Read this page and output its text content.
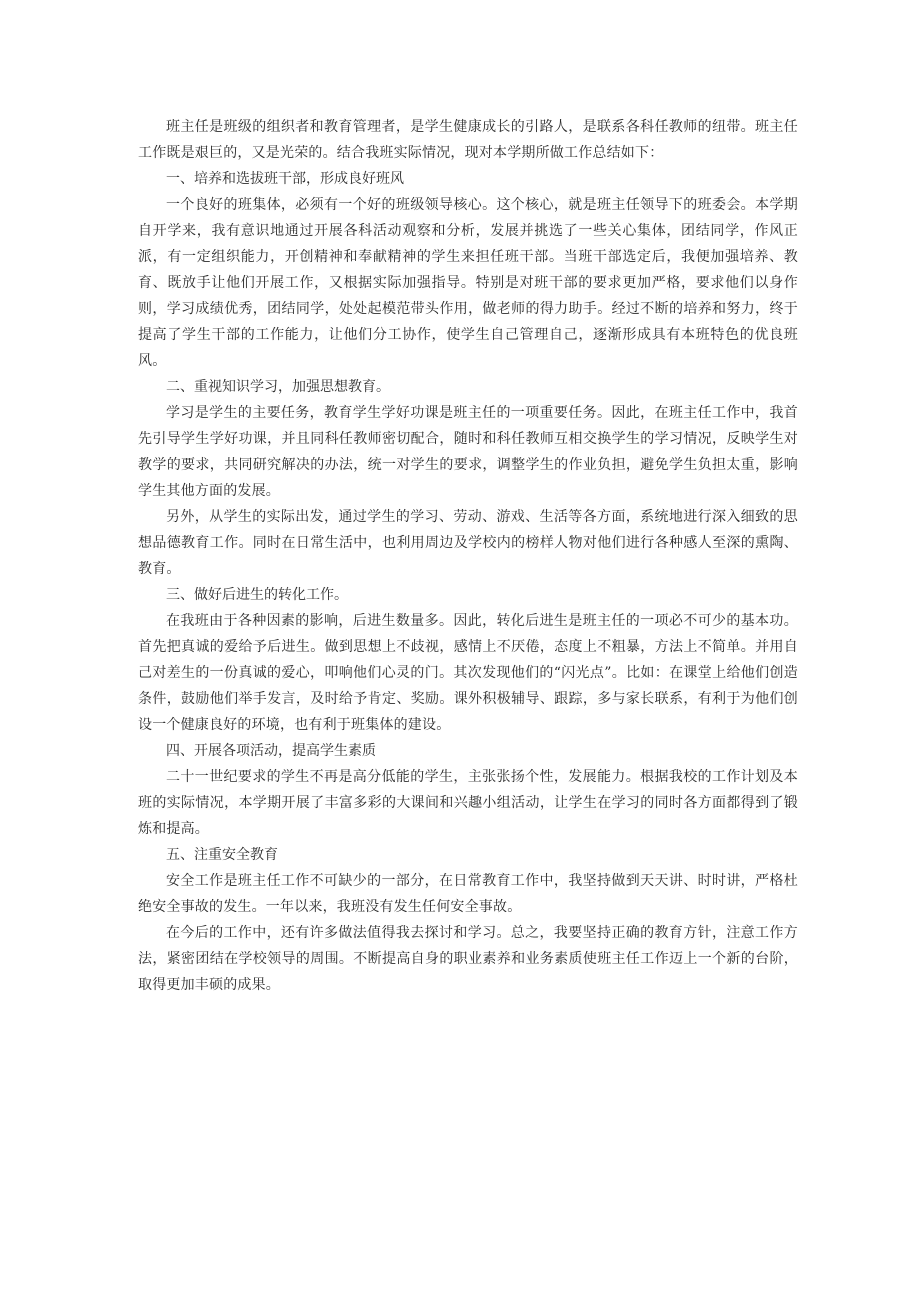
班主任是班级的组织者和教育管理者，是学生健康成长的引路人，是联系各科任教师的纽带。班主任工作既是艰巨的，又是光荣的。结合我班实际情况，现对本学期所做工作总结如下：

一、培养和选拔班干部，形成良好班风

一个良好的班集体，必须有一个好的班级领导核心。这个核心，就是班主任领导下的班委会。本学期自开学来，我有意识地通过开展各科活动观察和分析，发展并挑选了一些关心集体，团结同学，作风正派，有一定组织能力，开创精神和奉献精神的学生来担任班干部。当班干部选定后，我便加强培养、教育、既放手让他们开展工作，又根据实际加强指导。特别是对班干部的要求更加严格，要求他们以身作则，学习成绩优秀，团结同学，处处起模范带头作用，做老师的得力助手。经过不断的培养和努力，终于提高了学生干部的工作能力，让他们分工协作，使学生自己管理自己，逐渐形成具有本班特色的优良班风。

二、重视知识学习，加强思想教育。

学习是学生的主要任务，教育学生学好功课是班主任的一项重要任务。因此，在班主任工作中，我首先引导学生学好功课，并且同科任教师密切配合，随时和科任教师互相交换学生的学习情况，反映学生对教学的要求，共同研究解决的办法，统一对学生的要求，调整学生的作业负担，避免学生负担太重，影响学生其他方面的发展。

另外，从学生的实际出发，通过学生的学习、劳动、游戏、生活等各方面，系统地进行深入细致的思想品德教育工作。同时在日常生活中，也利用周边及学校内的榜样人物对他们进行各种感人至深的熏陶、教育。

三、做好后进生的转化工作。

在我班由于各种因素的影响，后进生数量多。因此，转化后进生是班主任的一项必不可少的基本功。首先把真诚的爱给予后进生。做到思想上不歧视，感情上不厌倦，态度上不粗暴，方法上不简单。并用自己对差生的一份真诚的爱心，叩响他们心灵的门。其次发现他们的“闪光点”。比如：在课堂上给他们创造条件，鼓励他们举手发言，及时给予肯定、奖励。课外积极辅导、跟踪，多与家长联系，有利于为他们创设一个健康良好的环境，也有利于班集体的建设。

四、开展各项活动，提高学生素质

二十一世纪要求的学生不再是高分低能的学生，主张张扬个性，发展能力。根据我校的工作计划及本班的实际情况，本学期开展了丰富多彩的大课间和兴趣小组活动，让学生在学习的同时各方面都得到了锻炼和提高。

五、注重安全教育

安全工作是班主任工作不可缺少的一部分，在日常教育工作中，我坚持做到天天讲、时时讲，严格杜绝安全事故的发生。一年以来，我班没有发生任何安全事故。

在今后的工作中，还有许多做法值得我去探讨和学习。总之，我要坚持正确的教育方针，注意工作方法，紧密团结在学校领导的周围。不断提高自身的职业素养和业务素质使班主任工作迈上一个新的台阶，取得更加丰硕的成果。
